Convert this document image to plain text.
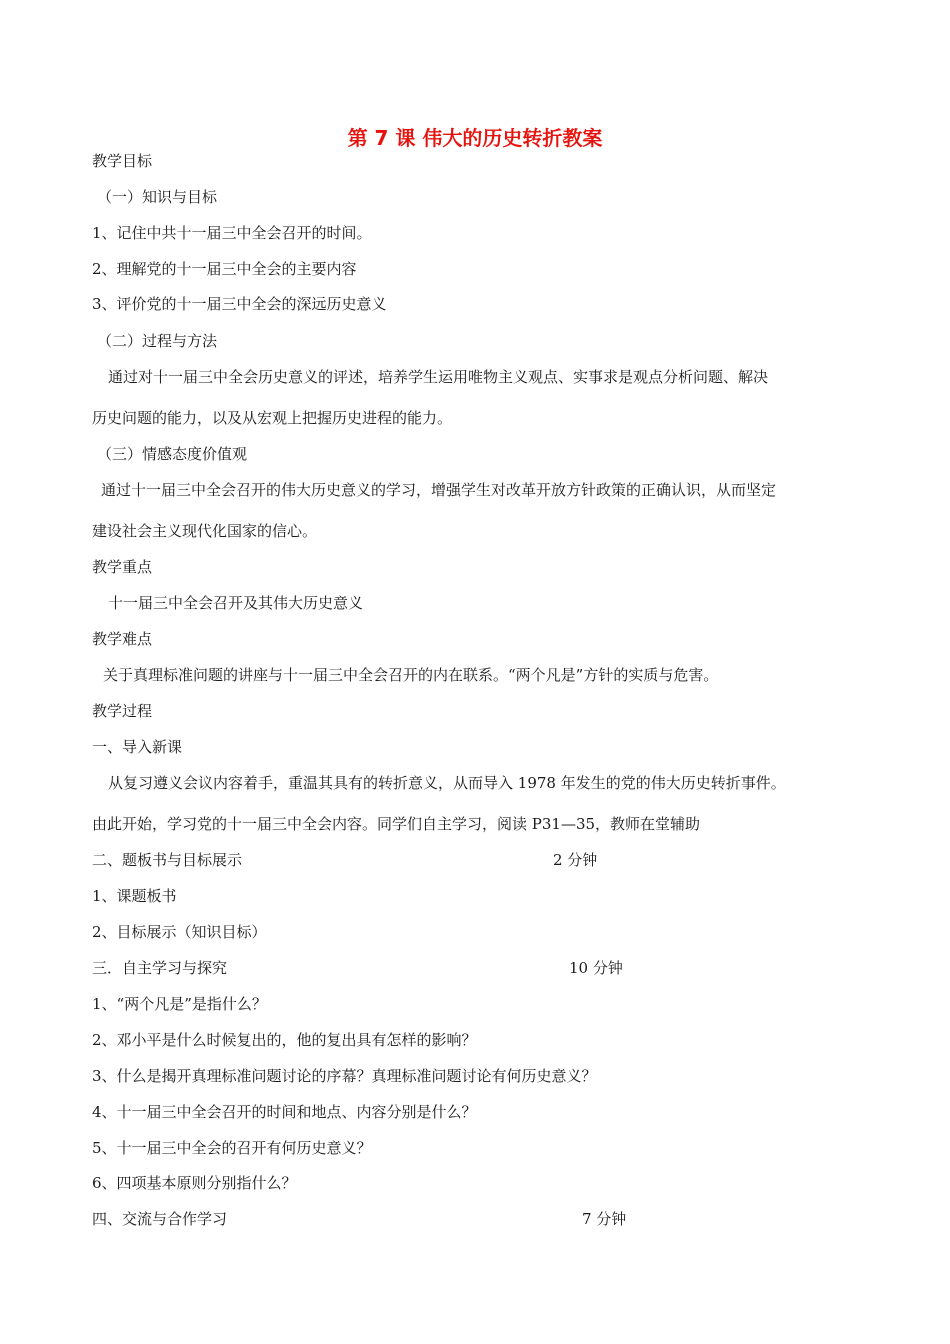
第 7 课 伟大的历史转折教案
教学目标
（一）知识与目标
1、记住中共十一届三中全会召开的时间。
2、理解党的十一届三中全会的主要内容
3、评价党的十一届三中全会的深远历史意义
（二）过程与方法
通过对十一届三中全会历史意义的评述，培养学生运用唯物主义观点、实事求是观点分析问题、解决
历史问题的能力，以及从宏观上把握历史进程的能力。
（三）情感态度价值观
通过十一届三中全会召开的伟大历史意义的学习，增强学生对改革开放方针政策的正确认识，从而坚定
建设社会主义现代化国家的信心。
教学重点
十一届三中全会召开及其伟大历史意义
教学难点
关于真理标准问题的讲座与十一届三中全会召开的内在联系。“两个凡是”方针的实质与危害。
教学过程
一、导入新课
从复习遵义会议内容着手，重温其具有的转折意义，从而导入 1978 年发生的党的伟大历史转折事件。
由此开始，学习党的十一届三中全会内容。同学们自主学习，阅读 P31—35，教师在堂辅助
二、题板书与目标展示	2 分钟
1、课题板书
2、目标展示（知识目标）
三．自主学习与探究	10 分钟
1、“两个凡是”是指什么？
2、邓小平是什么时候复出的，他的复出具有怎样的影响？
3、什么是揭开真理标准问题讨论的序幕？真理标准问题讨论有何历史意义？
4、十一届三中全会召开的时间和地点、内容分别是什么？
5、十一届三中全会的召开有何历史意义？
6、四项基本原则分别指什么？
四、交流与合作学习	7 分钟
